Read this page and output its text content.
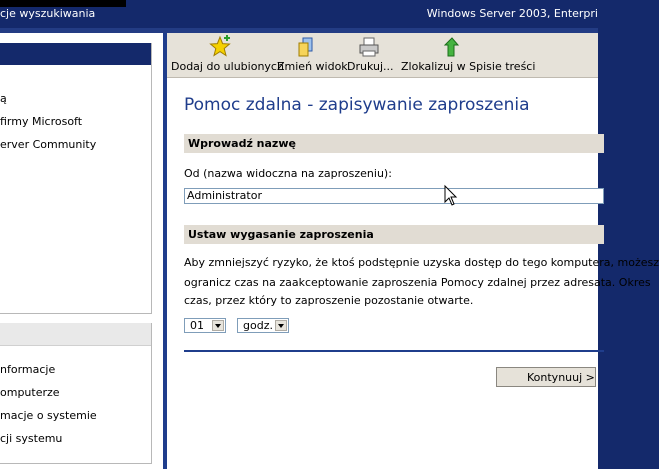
cje wyszukiwania	Windows Server 2003, Enterpri
ą
firmy Microsoft
erver Community
nformacje
omputerze
macje o systemie
cji systemu
Dodaj do ulubionych
Zmień widok Drukuj... Zlokalizuj w Spisie treści
Pomoc zdalna - zapisywanie zaproszenia
Wprowadź nazwę
Od (nazwa widoczna na zaproszeniu):
Administrator
Ustaw wygasanie zaproszenia
Aby zmniejszyć ryzyko, że ktoś podstępnie uzyska dostęp do tego komputera, możesz
ogranicz czas na zaakceptowanie zaproszenia Pomocy zdalnej przez adresata. Okres
czas, przez który to zaproszenie pozostanie otwarte.
01	godz.
Kontynuuj >
